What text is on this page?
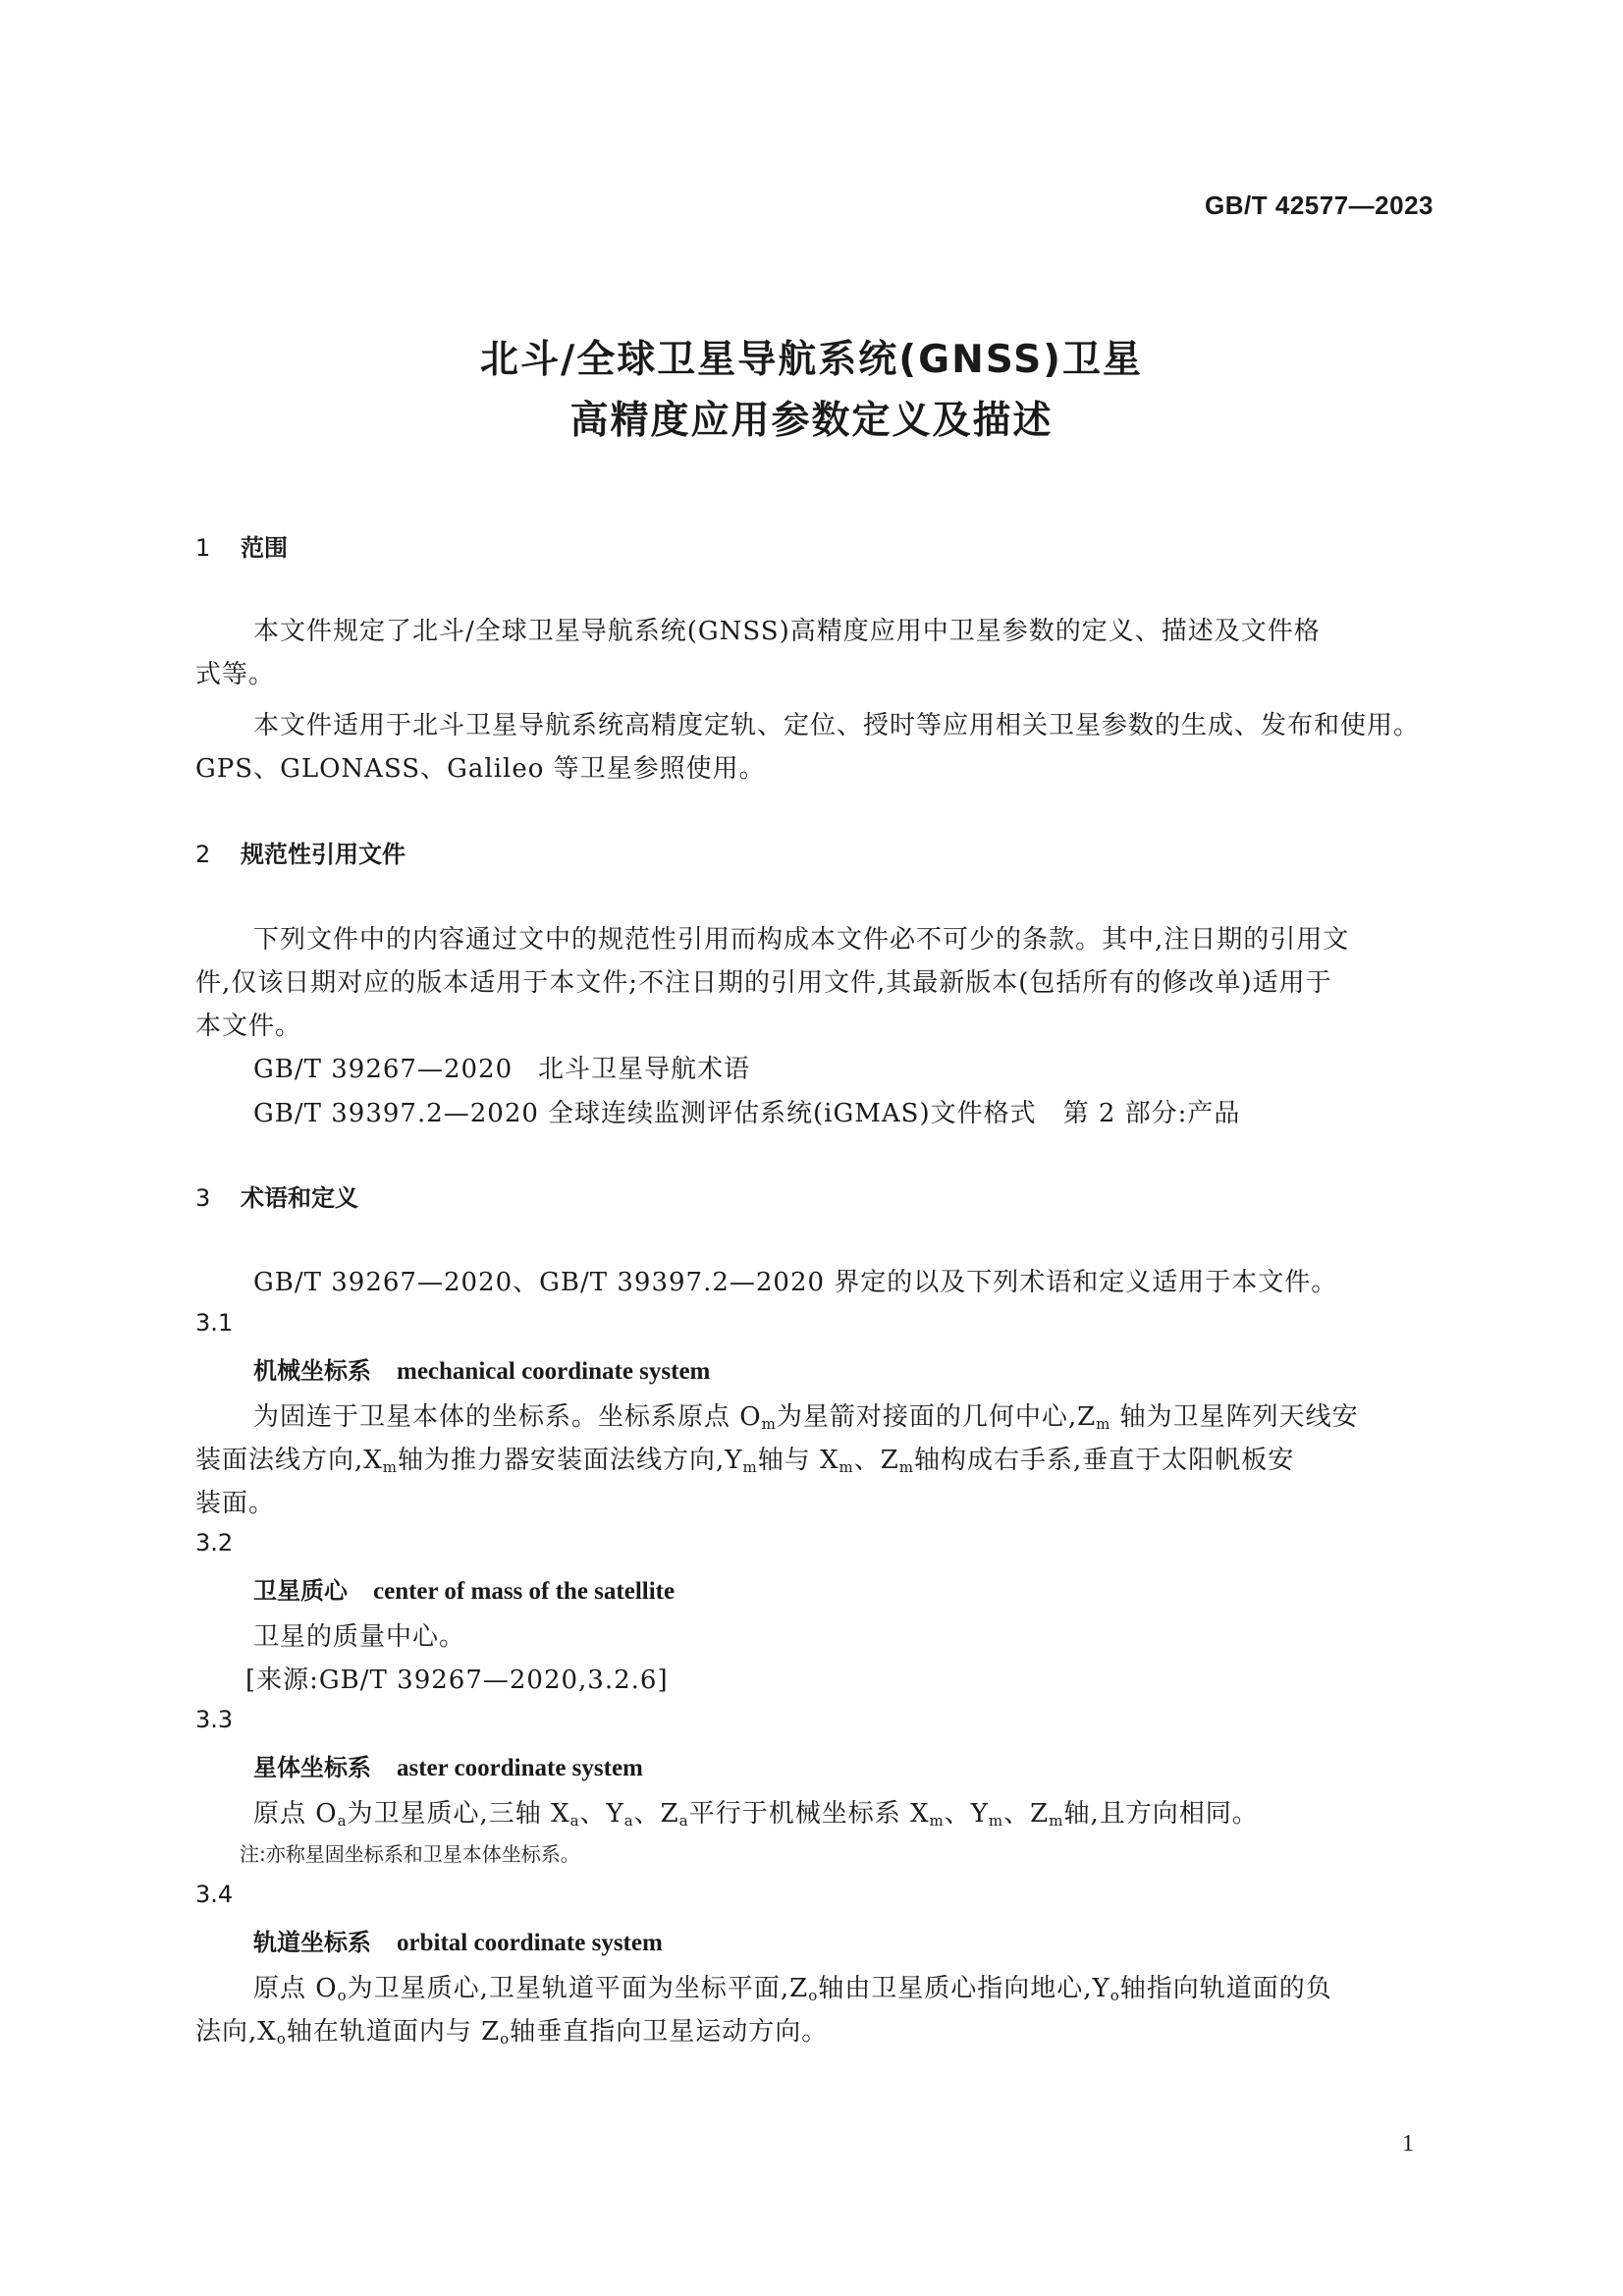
GB/T 42577—2023
北斗/全球卫星导航系统(GNSS)卫星
高精度应用参数定义及描述
1 范围
本文件规定了北斗/全球卫星导航系统(GNSS)高精度应用中卫星参数的定义、描述及文件格
式等。
本文件适用于北斗卫星导航系统高精度定轨、定位、授时等应用相关卫星参数的生成、发布和使用。
GPS、GLONASS、Galileo 等卫星参照使用。
2 规范性引用文件
下列文件中的内容通过文中的规范性引用而构成本文件必不可少的条款。其中,注日期的引用文
件,仅该日期对应的版本适用于本文件;不注日期的引用文件,其最新版本(包括所有的修改单)适用于
本文件。
GB/T 39267—2020 北斗卫星导航术语
GB/T 39397.2—2020 全球连续监测评估系统(iGMAS)文件格式　第 2 部分:产品
3 术语和定义
GB/T 39267—2020、GB/T 39397.2—2020 界定的以及下列术语和定义适用于本文件。
3.1
机械坐标系 mechanical coordinate system
为固连于卫星本体的坐标系。坐标系原点 $O_m$为星箭对接面的几何中心$,Z_m$ 轴为卫星阵列天线安
装面法线方向$,X_m$轴为推力器安装面法线方向$,Y_m$轴与 $X_m$、$Z_m$轴构成右手系,垂直于太阳帆板安
装面。
3.2
卫星质心 center of mass of the satellite
卫星的质量中心。
[来源:GB/T 39267—2020,3.2.6]
3.3
星体坐标系 aster coordinate system
原点 $O_a$为卫星质心,三轴 $X_a$、$Y_a$、$Z_a$平行于机械坐标系 $X_m$、$Y_m$、$Z_m$轴,且方向相同。
注:亦称星固坐标系和卫星本体坐标系。
3.4
轨道坐标系 orbital coordinate system
原点 $O_o$为卫星质心,卫星轨道平面为坐标平面$,Z_o$轴由卫星质心指向地心$,Y_o$轴指向轨道面的负
法向$,X_o$轴在轨道面内与 $Z_o$轴垂直指向卫星运动方向。
1
